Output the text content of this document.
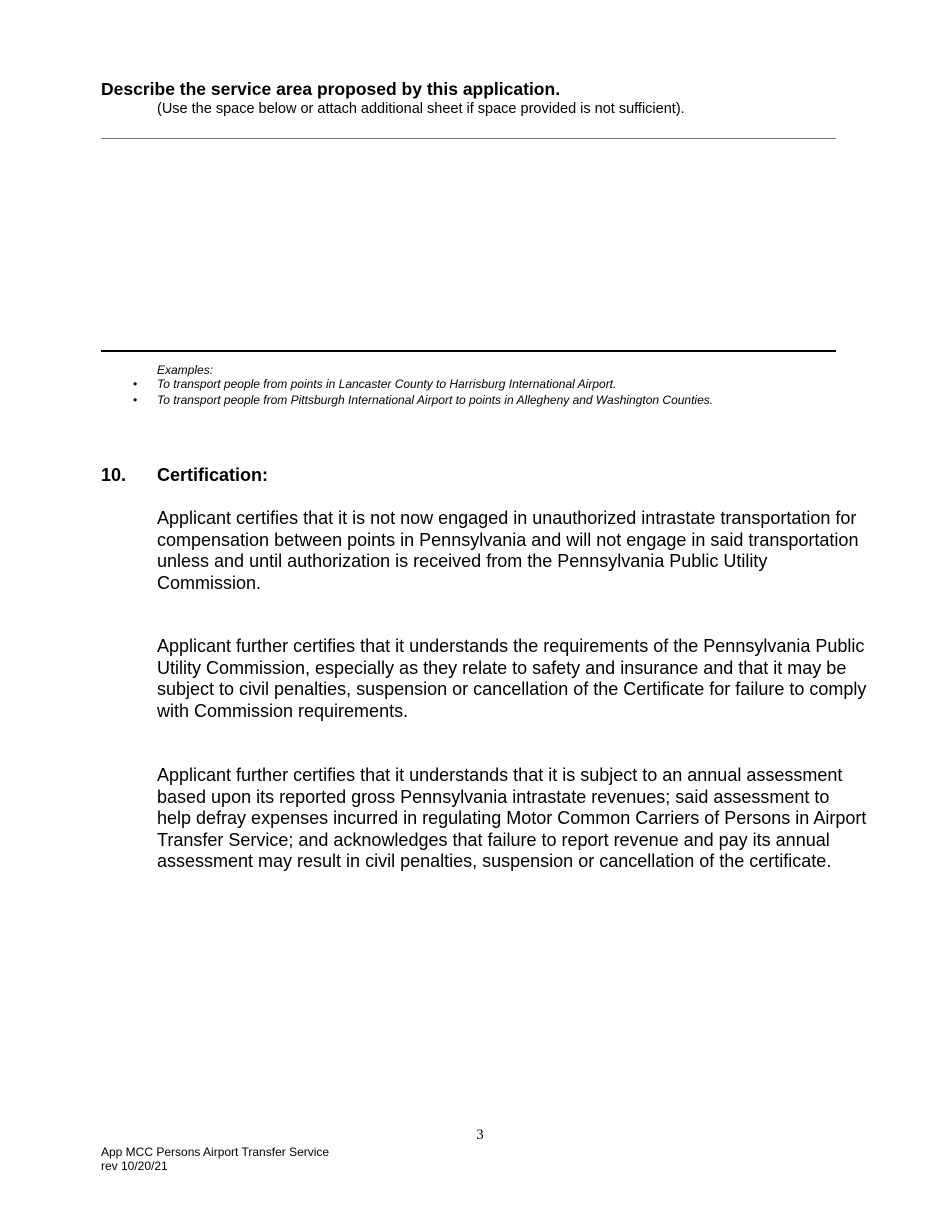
Describe the service area proposed by this application.
(Use the space below or attach additional sheet if space provided is not sufficient).
Examples:
• To transport people from points in Lancaster County to Harrisburg International Airport.
• To transport people from Pittsburgh International Airport to points in Allegheny and Washington Counties.
10. Certification:
Applicant certifies that it is not now engaged in unauthorized intrastate transportation for compensation between points in Pennsylvania and will not engage in said transportation unless and until authorization is received from the Pennsylvania Public Utility Commission.
Applicant further certifies that it understands the requirements of the Pennsylvania Public Utility Commission, especially as they relate to safety and insurance and that it may be subject to civil penalties, suspension or cancellation of the Certificate for failure to comply with Commission requirements.
Applicant further certifies that it understands that it is subject to an annual assessment based upon its reported gross Pennsylvania intrastate revenues; said assessment to help defray expenses incurred in regulating Motor Common Carriers of Persons in Airport Transfer Service; and acknowledges that failure to report revenue and pay its annual assessment may result in civil penalties, suspension or cancellation of the certificate.
3
App MCC Persons Airport Transfer Service
rev 10/20/21
